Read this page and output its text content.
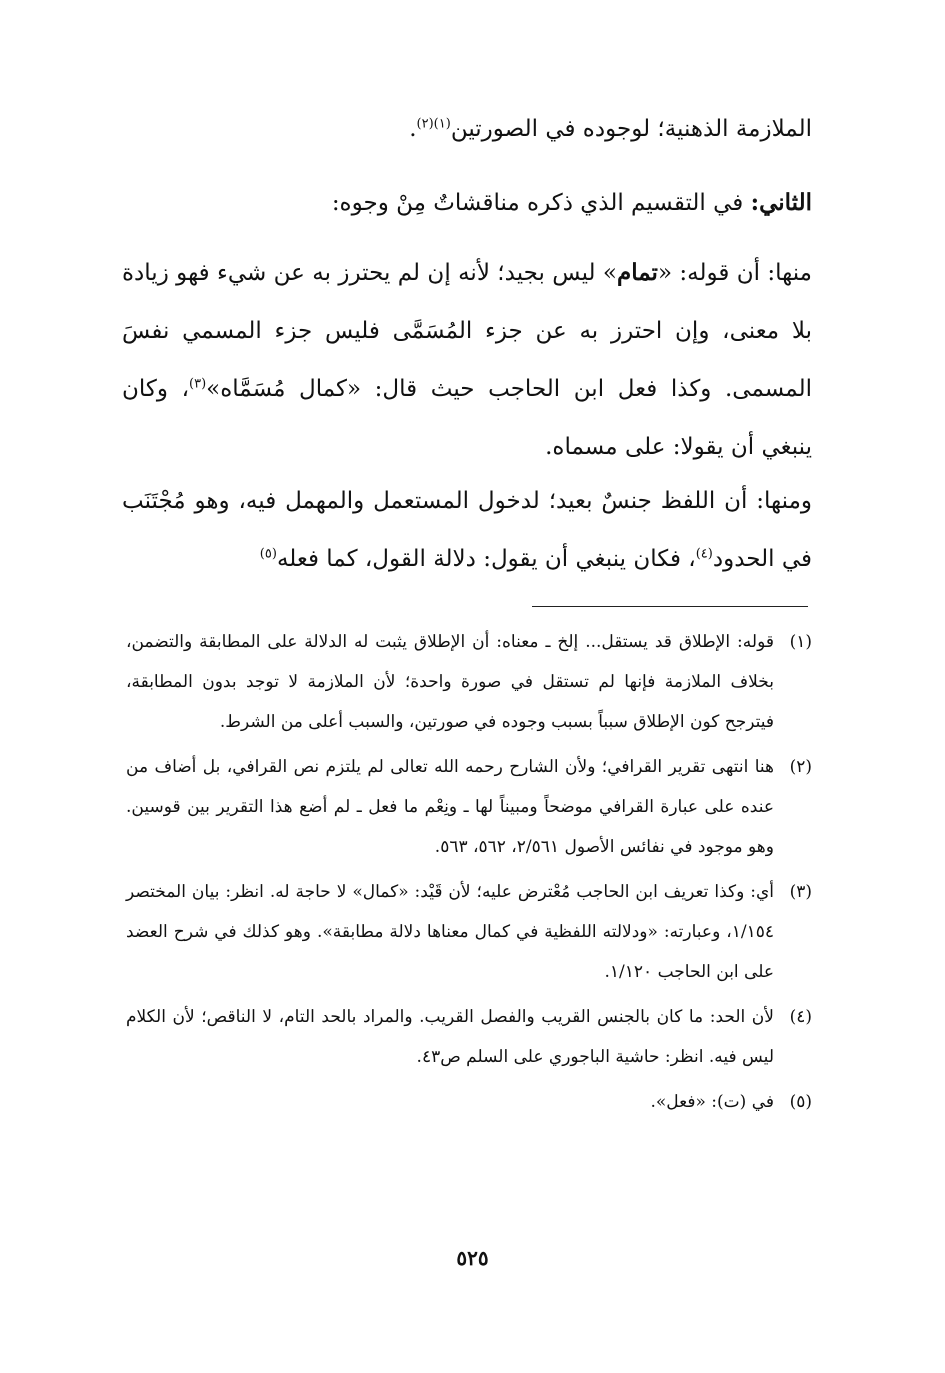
الملازمة الذهنية؛ لوجوده في الصورتين$^{(١)(٢)}$.

الثاني: في التقسيم الذي ذكره مناقشاتٌ مِنْ وجوه:

منها: أن قوله: «تمام» ليس بجيد؛ لأنه إن لم يحترز به عن شيء فهو زيادة بلا معنى، وإن احترز به عن جزء المُسَمَّى فليس جزء المسمي نفسَ المسمى. وكذا فعل ابن الحاجب حيث قال: «كمال مُسَمَّاه»$^{(٣)}$، وكان ينبغي أن يقولا: على مسماه.

ومنها: أن اللفظ جنسٌ بعيد؛ لدخول المستعمل والمهمل فيه، وهو مُجْتَنَب في الحدود$^{(٤)}$، فكان ينبغي أن يقول: دلالة القول، كما فعله$^{(٥)}$

(١)
قوله: الإطلاق قد يستقل... إلخ ـ معناه: أن الإطلاق يثبت له الدلالة على المطابقة والتضمن، بخلاف الملازمة فإنها لم تستقل في صورة واحدة؛ لأن الملازمة لا توجد بدون المطابقة، فيترجح كون الإطلاق سبباً بسبب وجوده في صورتين، والسبب أعلى من الشرط.
(٢)
هنا انتهى تقرير القرافي؛ ولأن الشارح رحمه الله تعالى لم يلتزم نص القرافي، بل أضاف من عنده على عبارة القرافي موضحاً ومبيناً لها ـ ونِعْم ما فعل ـ لم أضع هذا التقرير بين قوسين. وهو موجود في نفائس الأصول ٢/٥٦١، ٥٦٢، ٥٦٣.
(٣)
أي: وكذا تعريف ابن الحاجب مُعْترض عليه؛ لأن قَيْد: «كمال» لا حاجة له. انظر: بيان المختصر ١/١٥٤، وعبارته: «ودلالته اللفظية في كمال معناها دلالة مطابقة». وهو كذلك في شرح العضد على ابن الحاجب ١/١٢٠.
(٤)
لأن الحد: ما كان بالجنس القريب والفصل القريب. والمراد بالحد التام، لا الناقص؛ لأن الكلام ليس فيه. انظر: حاشية الباجوري على السلم ص٤٣.
(٥)
في (ت): «فعل».
٥٢٥
